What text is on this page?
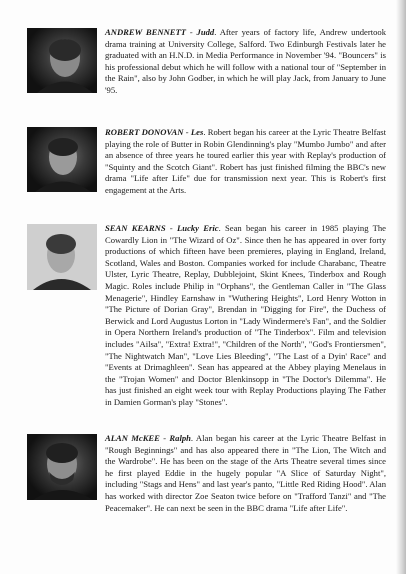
ANDREW BENNETT - Judd. After years of factory life, Andrew undertook drama training at University College, Salford. Two Edinburgh Festivals later he graduated with an H.N.D. in Media Performance in November '94. "Bouncers" is his professional debut which he will follow with a national tour of "September in the Rain", also by John Godber, in which he will play Jack, from January to June '95.
ROBERT DONOVAN - Les. Robert began his career at the Lyric Theatre Belfast playing the role of Butter in Robin Glendinning's play "Mumbo Jumbo" and after an absence of three years he toured earlier this year with Replay's production of "Squinty and the Scotch Giant". Robert has just finished filming the BBC's new drama "Life after Life" due for transmission next year. This is Robert's first engagement at the Arts.
SEAN KEARNS - Lucky Eric. Sean began his career in 1985 playing The Cowardly Lion in "The Wizard of Oz". Since then he has appeared in over forty productions of which fifteen have been premieres, playing in England, Ireland, Scotland, Wales and Boston. Companies worked for include Charabanc, Theatre Ulster, Lyric Theatre, Replay, Dubblejoint, Skint Knees, Tinderbox and Rough Magic. Roles include Philip in "Orphans", the Gentleman Caller in "The Glass Menagerie", Hindley Earnshaw in "Wuthering Heights", Lord Henry Wotton in "The Picture of Dorian Gray", Brendan in "Digging for Fire", the Duchess of Berwick and Lord Augustus Lorton in "Lady Windermere's Fan", and the Soldier in Opera Northern Ireland's production of "The Tinderbox". Film and television includes "Ailsa", "Extra! Extra!", "Children of the North", "God's Frontiersmen", "The Nightwatch Man", "Love Lies Bleeding", "The Last of a Dyin' Race" and "Events at Drimaghleen". Sean has appeared at the Abbey playing Menelaus in the "Trojan Women" and Doctor Blenkinsopp in "The Doctor's Dilemma". He has just finished an eight week tour with Replay Productions playing The Father in Damien Gorman's play "Stones".
ALAN McKEE - Ralph. Alan began his career at the Lyric Theatre Belfast in "Rough Beginnings" and has also appeared there in "The Lion, The Witch and the Wardrobe". He has been on the stage of the Arts Theatre several times since he first played Eddie in the hugely popular "A Slice of Saturday Night", including "Stags and Hens" and last year's panto, "Little Red Riding Hood". Alan has worked with director Zoe Seaton twice before on "Trafford Tanzi" and "The Peacemaker". He can next be seen in the BBC drama "Life after Life".
